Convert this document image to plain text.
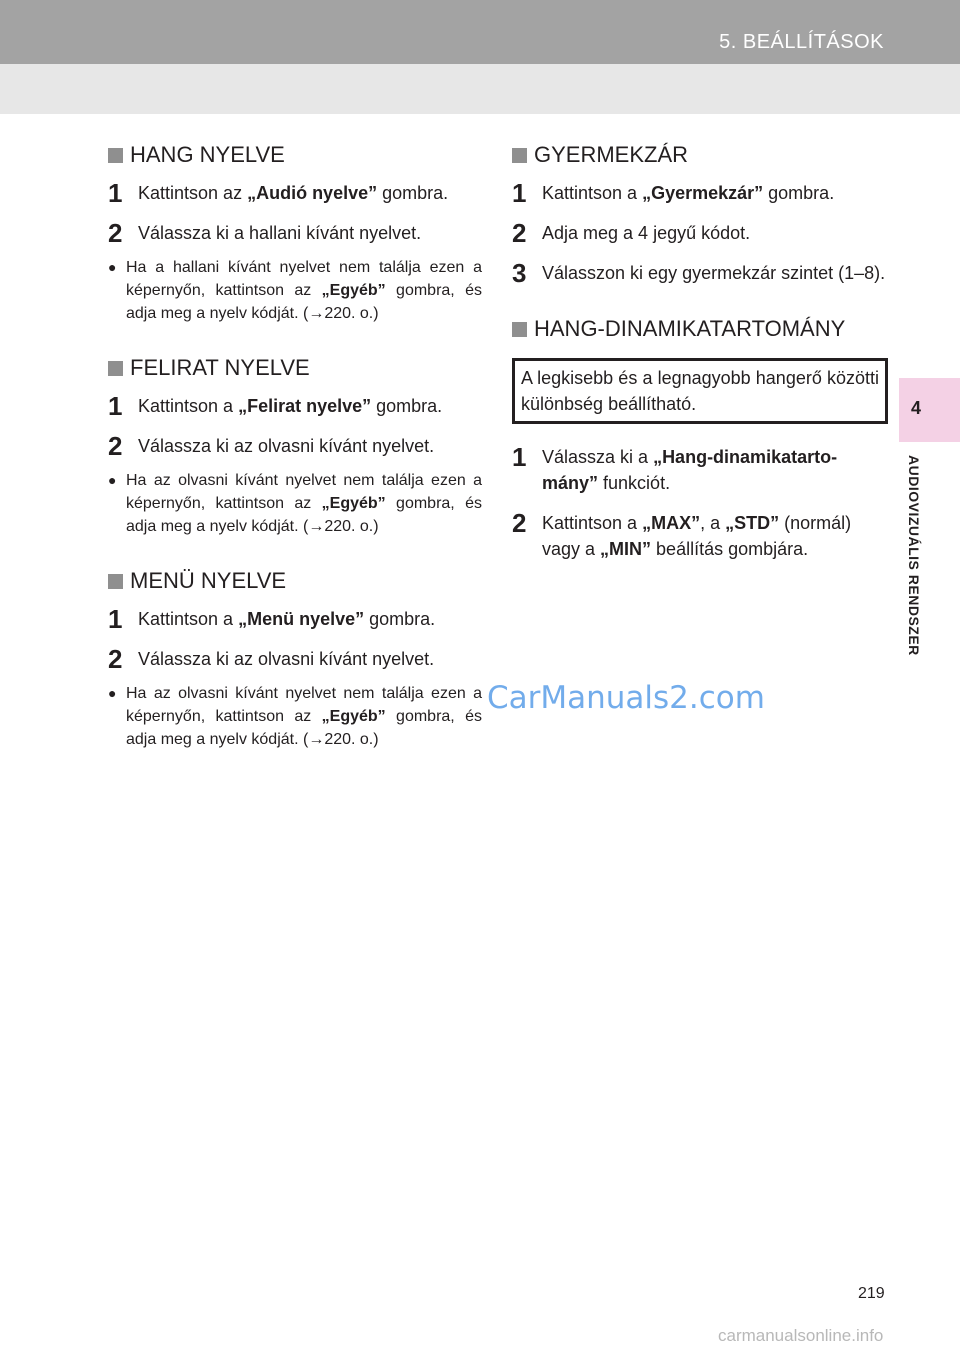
5. BEÁLLÍTÁSOK
4
AUDIOVIZUÁLIS RENDSZER
HANG NYELVE
1 Kattintson az „Audió nyelve” gombra.
2 Válassza ki a hallani kívánt nyelvet.
● Ha a hallani kívánt nyelvet nem találja ezen a képernyőn, kattintson az „Egyéb” gombra, és adja meg a nyelv kódját. (→220. o.)
FELIRAT NYELVE
1 Kattintson a „Felirat nyelve” gombra.
2 Válassza ki az olvasni kívánt nyelvet.
● Ha az olvasni kívánt nyelvet nem találja ezen a képernyőn, kattintson az „Egyéb” gombra, és adja meg a nyelv kódját. (→220. o.)
MENÜ NYELVE
1 Kattintson a „Menü nyelve” gombra.
2 Válassza ki az olvasni kívánt nyelvet.
● Ha az olvasni kívánt nyelvet nem találja ezen a képernyőn, kattintson az „Egyéb” gombra, és adja meg a nyelv kódját. (→220. o.)
GYERMEKZÁR
1 Kattintson a „Gyermekzár” gombra.
2 Adja meg a 4 jegyű kódot.
3 Válasszon ki egy gyermekzár szintet (1–8).
HANG-DINAMIKATARTOMÁNY
A legkisebb és a legnagyobb hangerő közötti különbség beállítható.
1 Válassza ki a „Hang-dinamikatarto-mány” funkciót.
2 Kattintson a „MAX”, a „STD” (normál) vagy a „MIN” beállítás gombjára.
CarManuals2.com
219
carmanualsonline.info
